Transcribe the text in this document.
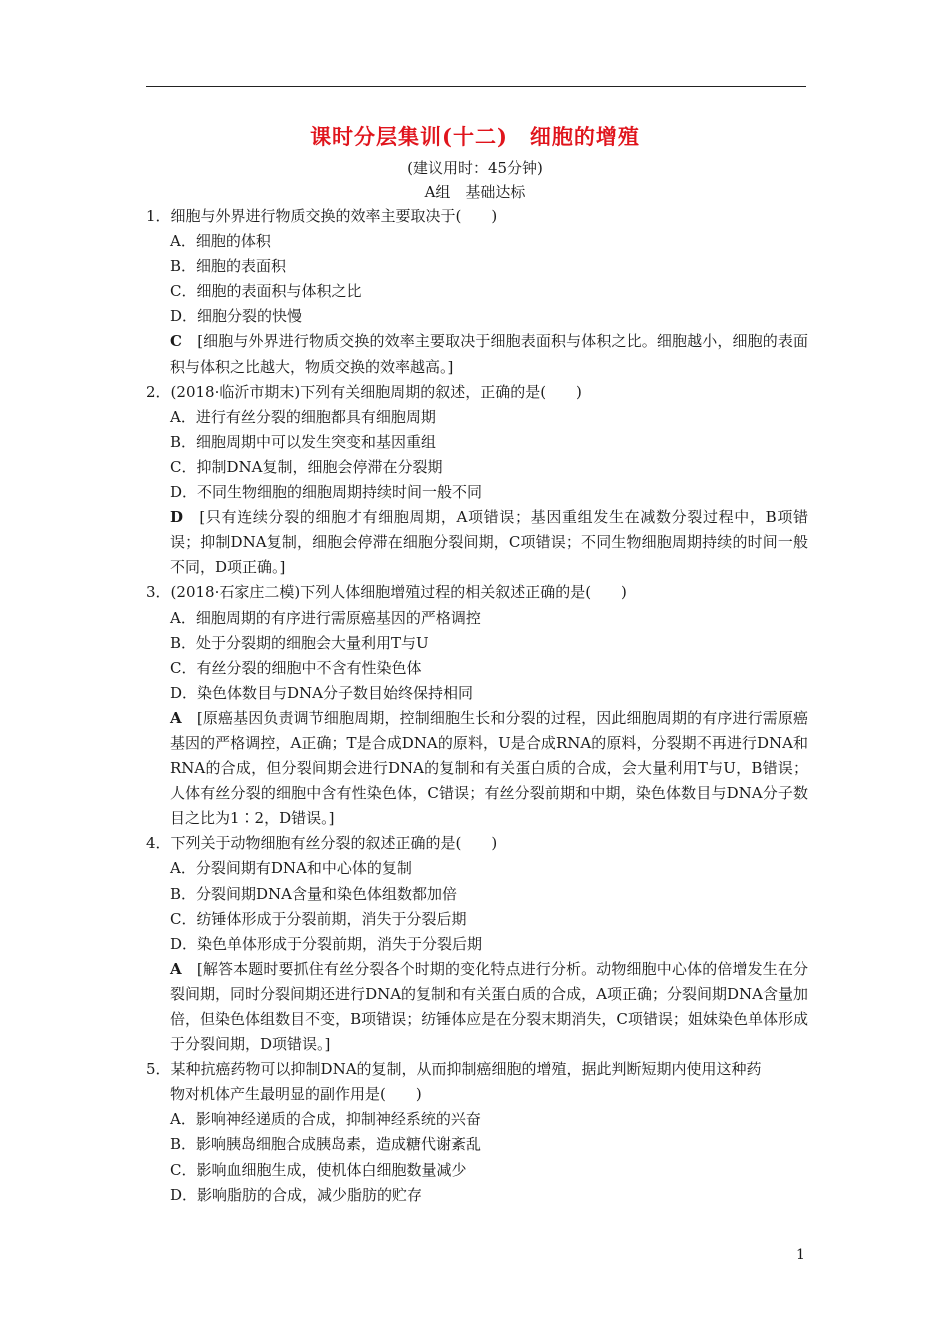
课时分层集训(十二)　细胞的增殖
(建议用时：45分钟)
A组　基础达标
1．细胞与外界进行物质交换的效率主要取决于(　　)
A．细胞的体积
B．细胞的表面积
C．细胞的表面积与体积之比
D．细胞分裂的快慢
C　 [细胞与外界进行物质交换的效率主要取决于细胞表面积与体积之比。细胞越小，细胞的表面积与体积之比越大，物质交换的效率越高。]
2．(2018·临沂市期末)下列有关细胞周期的叙述，正确的是(　　)
A．进行有丝分裂的细胞都具有细胞周期
B．细胞周期中可以发生突变和基因重组
C．抑制DNA复制，细胞会停滞在分裂期
D．不同生物细胞的细胞周期持续时间一般不同
D　 [只有连续分裂的细胞才有细胞周期，A项错误；基因重组发生在减数分裂过程中，B项错误；抑制DNA复制，细胞会停滞在细胞分裂间期，C项错误；不同生物细胞周期持续的时间一般不同，D项正确。]
3．(2018·石家庄二模)下列人体细胞增殖过程的相关叙述正确的是(　　)
A．细胞周期的有序进行需原癌基因的严格调控
B．处于分裂期的细胞会大量利用T与U
C．有丝分裂的细胞中不含有性染色体
D．染色体数目与DNA分子数目始终保持相同
A　 [原癌基因负责调节细胞周期，控制细胞生长和分裂的过程，因此细胞周期的有序进行需原癌基因的严格调控，A正确；T是合成DNA的原料，U是合成RNA的原料，分裂期不再进行DNA和RNA的合成，但分裂间期会进行DNA的复制和有关蛋白质的合成，会大量利用T与U，B错误；人体有丝分裂的细胞中含有性染色体，C错误；有丝分裂前期和中期，染色体数目与DNA分子数目之比为1∶2，D错误。]
4．下列关于动物细胞有丝分裂的叙述正确的是(　　)
A．分裂间期有DNA和中心体的复制
B．分裂间期DNA含量和染色体组数都加倍
C．纺锤体形成于分裂前期，消失于分裂后期
D．染色单体形成于分裂前期，消失于分裂后期
A　 [解答本题时要抓住有丝分裂各个时期的变化特点进行分析。动物细胞中心体的倍增发生在分裂间期，同时分裂间期还进行DNA的复制和有关蛋白质的合成，A项正确；分裂间期DNA含量加倍，但染色体组数目不变，B项错误；纺锤体应是在分裂末期消失，C项错误；姐妹染色单体形成于分裂间期，D项错误。]
5．某种抗癌药物可以抑制DNA的复制，从而抑制癌细胞的增殖，据此判断短期内使用这种药
物对机体产生最明显的副作用是(　　)
A．影响神经递质的合成，抑制神经系统的兴奋
B．影响胰岛细胞合成胰岛素，造成糖代谢紊乱
C．影响血细胞生成，使机体白细胞数量减少
D．影响脂肪的合成，减少脂肪的贮存
1
